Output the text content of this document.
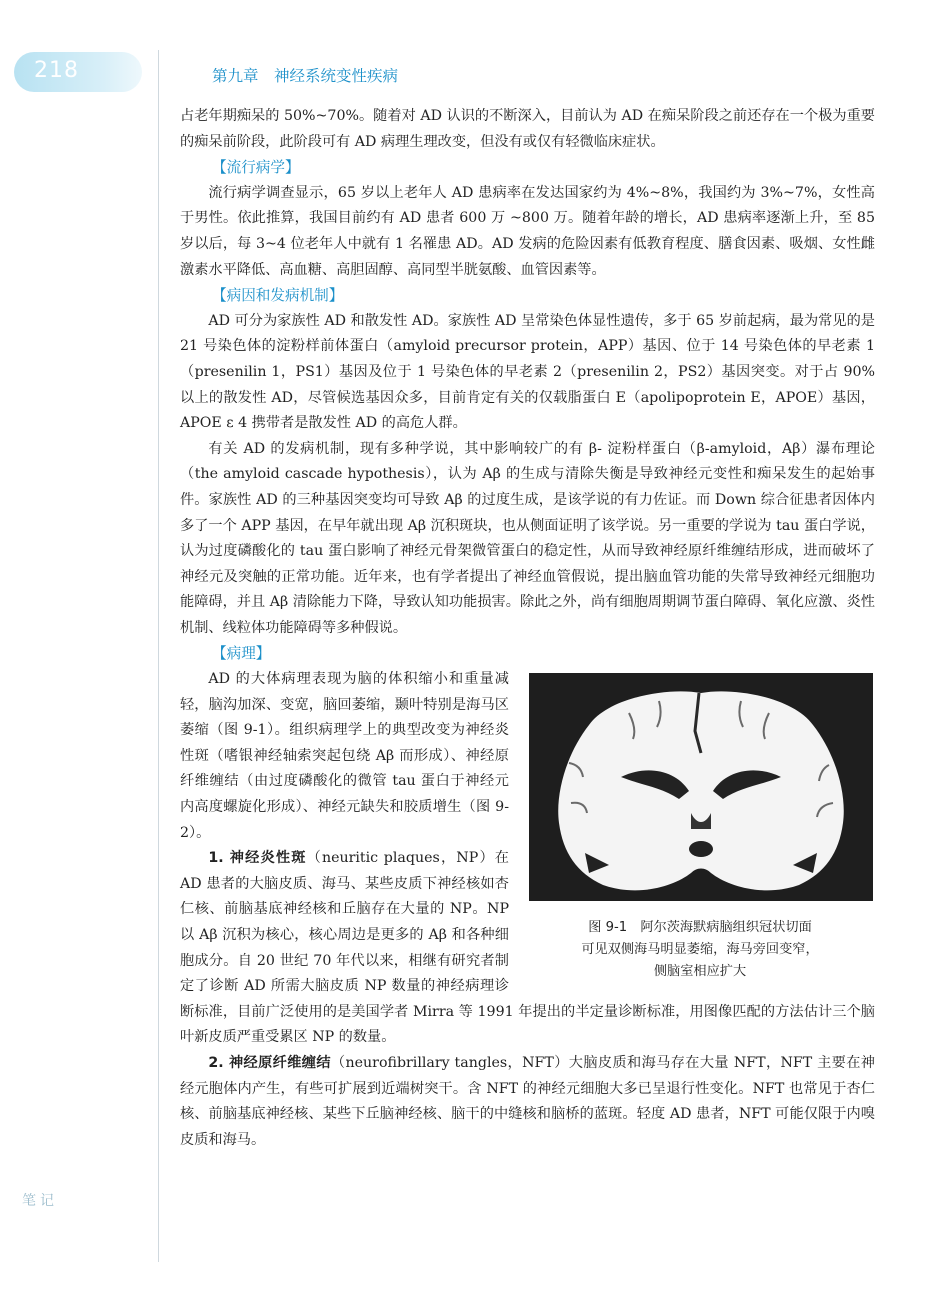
218	第九章　神经系统变性疾病
笔记

占老年期痴呆的 50%~70%。随着对 AD 认识的不断深入，目前认为 AD 在痴呆阶段之前还存在一个极为重要的痴呆前阶段，此阶段可有 AD 病理生理改变，但没有或仅有轻微临床症状。

【流行病学】

流行病学调查显示，65 岁以上老年人 AD 患病率在发达国家约为 4%~8%，我国约为 3%~7%，女性高于男性。依此推算，我国目前约有 AD 患者 600 万 ~800 万。随着年龄的增长，AD 患病率逐渐上升，至 85 岁以后，每 3~4 位老年人中就有 1 名罹患 AD。AD 发病的危险因素有低教育程度、膳食因素、吸烟、女性雌激素水平降低、高血糖、高胆固醇、高同型半胱氨酸、血管因素等。

【病因和发病机制】

AD 可分为家族性 AD 和散发性 AD。家族性 AD 呈常染色体显性遗传，多于 65 岁前起病，最为常见的是 21 号染色体的淀粉样前体蛋白（amyloid precursor protein，APP）基因、位于 14 号染色体的早老素 1（presenilin 1，PS1）基因及位于 1 号染色体的早老素 2（presenilin 2，PS2）基因突变。对于占 90% 以上的散发性 AD，尽管候选基因众多，目前肯定有关的仅载脂蛋白 E（apolipoprotein E，APOE）基因，APOE ε 4 携带者是散发性 AD 的高危人群。

有关 AD 的发病机制，现有多种学说，其中影响较广的有 β- 淀粉样蛋白（β-amyloid，Aβ）瀑布理论（the amyloid cascade hypothesis），认为 Aβ 的生成与清除失衡是导致神经元变性和痴呆发生的起始事件。家族性 AD 的三种基因突变均可导致 Aβ 的过度生成，是该学说的有力佐证。而 Down 综合征患者因体内多了一个 APP 基因，在早年就出现 Aβ 沉积斑块，也从侧面证明了该学说。另一重要的学说为 tau 蛋白学说，认为过度磷酸化的 tau 蛋白影响了神经元骨架微管蛋白的稳定性，从而导致神经原纤维缠结形成，进而破坏了神经元及突触的正常功能。近年来，也有学者提出了神经血管假说，提出脑血管功能的失常导致神经元细胞功能障碍，并且 Aβ 清除能力下降，导致认知功能损害。除此之外，尚有细胞周期调节蛋白障碍、氧化应激、炎性机制、线粒体功能障碍等多种假说。

【病理】
图 9-1　阿尔茨海默病脑组织冠状切面
可见双侧海马明显萎缩，海马旁回变窄，
侧脑室相应扩大

AD 的大体病理表现为脑的体积缩小和重量减轻，脑沟加深、变宽，脑回萎缩，颞叶特别是海马区萎缩（图 9-1）。组织病理学上的典型改变为神经炎性斑（嗜银神经轴索突起包绕 Aβ 而形成）、神经原纤维缠结（由过度磷酸化的微管 tau 蛋白于神经元内高度螺旋化形成）、神经元缺失和胶质增生（图 9-2）。

1. 神经炎性斑（neuritic plaques，NP）在 AD 患者的大脑皮质、海马、某些皮质下神经核如杏仁核、前脑基底神经核和丘脑存在大量的 NP。NP 以 Aβ 沉积为核心，核心周边是更多的 Aβ 和各种细胞成分。自 20 世纪 70 年代以来，相继有研究者制定了诊断 AD 所需大脑皮质 NP 数量的神经病理诊断标准，目前广泛使用的是美国学者 Mirra 等 1991 年提出的半定量诊断标准，用图像匹配的方法估计三个脑叶新皮质严重受累区 NP 的数量。

2. 神经原纤维缠结（neurofibrillary tangles，NFT）大脑皮质和海马存在大量 NFT，NFT 主要在神经元胞体内产生，有些可扩展到近端树突干。含 NFT 的神经元细胞大多已呈退行性变化。NFT 也常见于杏仁核、前脑基底神经核、某些下丘脑神经核、脑干的中缝核和脑桥的蓝斑。轻度 AD 患者，NFT 可能仅限于内嗅皮质和海马。
